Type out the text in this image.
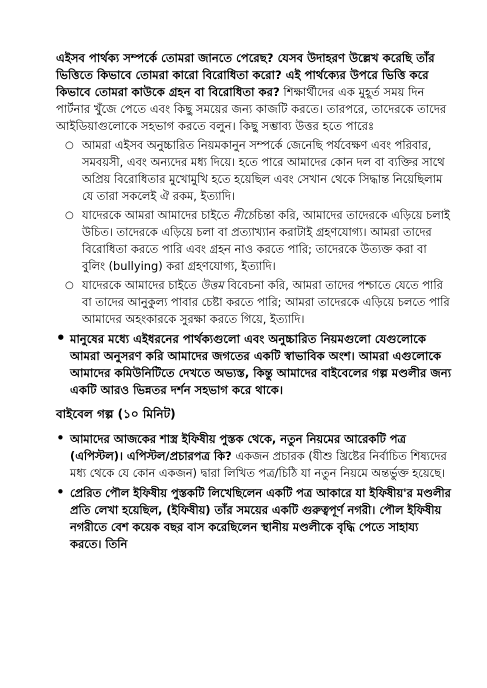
এইসব পার্থক্য সম্পর্কে তোমরা জানতে পেরেছ? যেসব উদাহরণ উল্লেখ করেছি তাঁর ভিত্তিতে কিভাবে তোমরা কারো বিরোধিতা করো? এই পার্থক্যের উপরে ভিত্তি করে কিভাবে তোমরা কাউকে গ্রহন বা বিরোধিতা কর? শিক্ষার্থীদের এক মুহূর্ত সময় দিন পার্টনার খুঁজে পেতে এবং কিছু সময়ের জন্য কাজটি করতে। তারপরে, তাদেরকে তাদের আইডিয়াগুলোকে সহভাগ করতে বলুন। কিছু সম্ভাব্য উত্তর হতে পারেঃ

○ আমরা এইসব অনুচ্চারিত নিয়মকানুন সম্পর্কে জেনেছি পর্যবেক্ষণ এবং পরিবার, সমবয়সী, এবং অন্যদের মধ্য দিয়ে। হতে পারে আমাদের কোন দল বা ব্যক্তির সাথে অপ্রিয় বিরোধিতার মুখোমুখি হতে হয়েছিল এবং সেখান থেকে সিদ্ধান্ত নিয়েছিলাম যে তারা সকলেই ঐ রকম, ইত্যাদি।
○ যাদেরকে আমরা আমাদের চাইতে নীচেচিন্তা করি, আমাদের তাদেরকে এড়িয়ে চলাই উচিত। তাদেরকে এড়িয়ে চলা বা প্রত্যাখ্যান করাটাই গ্রহণযোগ্য। আমরা তাদের বিরোধিতা করতে পারি এবং গ্রহন নাও করতে পারি; তাদেরকে উত্যক্ত করা বা বুলিং (bullying) করা গ্রহণযোগ্য, ইত্যাদি।
○ যাদেরকে আমাদের চাইতে উত্তম বিবেচনা করি, আমরা তাদের পশ্চাতে যেতে পারি বা তাদের আনুকুল্য পাবার চেষ্টা করতে পারি; আমরা তাদেরকে এড়িয়ে চলতে পারি আমাদের অহংকারকে সুরক্ষা করতে গিয়ে, ইত্যাদি।
• মানুষের মধ্যে এইধরনের পার্থক্যগুলো এবং অনুচ্চারিত নিয়মগুলো যেগুলোকে আমরা অনুসরণ করি আমাদের জগতের একটি স্বাভাবিক অংশ। আমরা এগুলোকে আমাদের কমিউনিটিতে দেখতে অভ্যস্ত, কিন্তু আমাদের বাইবেলের গল্প মণ্ডলীর জন্য একটি আরও ভিন্নতর দর্শন সহভাগ করে থাকে।
বাইবেল গল্প (১০ মিনিট)
• আমাদের আজকের শাস্ত্র ইফিষীয় পুস্তক থেকে, নতুন নিয়মের আরেকটি পত্র (এপিস্টল)। এপিস্টল/প্রচারপত্র কি? একজন প্রচারক (যীশু খ্রিষ্টের নির্বাচিত শিষ্যদের মধ্য থেকে যে কোন একজন) দ্বারা লিখিত পত্র/চিঠি যা নতুন নিয়মে অন্তর্ভুক্ত হয়েছে।
• প্রেরিত পৌল ইফিষীয় পুস্তকটি লিখেছিলেন একটি পত্র আকারে যা ইফিষীয়'র মণ্ডলীর প্রতি লেখা হয়েছিল, (ইফিষীয়) তাঁর সময়ের একটি গুরুত্বপূর্ণ নগরী। পৌল ইফিষীয় নগরীতে বেশ কয়েক বছর বাস করেছিলেন স্থানীয় মণ্ডলীকে বৃদ্ধি পেতে সাহায্য করতে। তিনি
